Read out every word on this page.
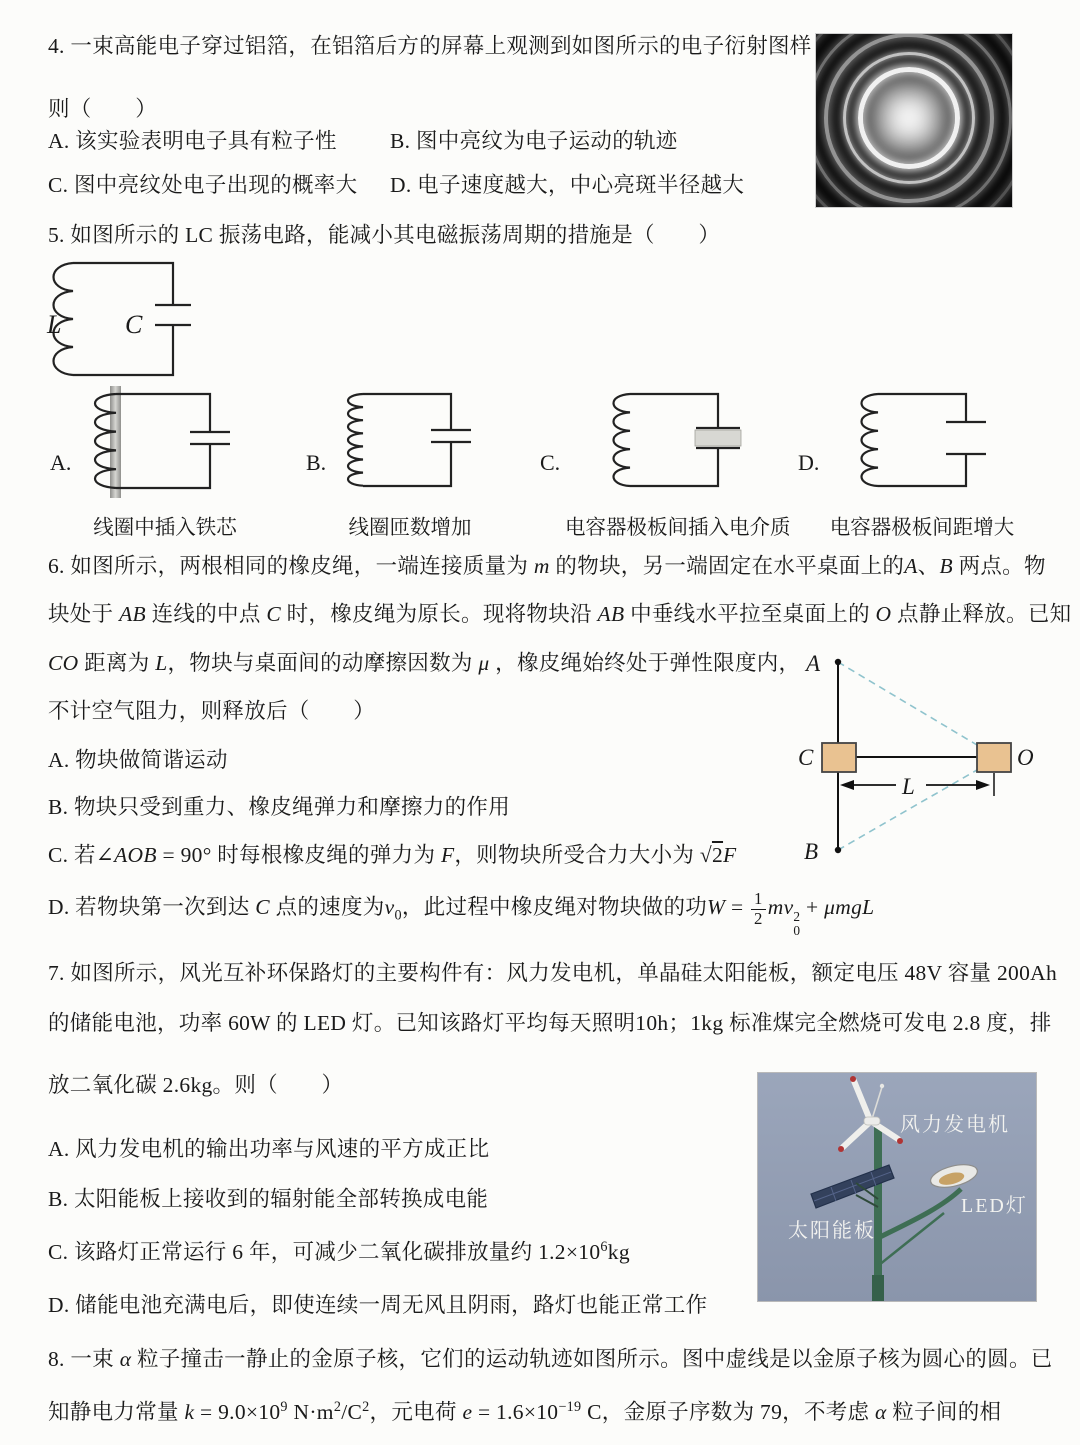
4. 一束高能电子穿过铝箔，在铝箔后方的屏幕上观测到如图所示的电子衍射图样
则（　　）
A. 该实验表明电子具有粒子性 B. 图中亮纹为电子运动的轨迹
C. 图中亮纹处电子出现的概率大 D. 电子速度越大，中心亮斑半径越大
5. 如图所示的 LC 振荡电路，能减小其电磁振荡周期的措施是（　　）
L C
A.
线圈中插入铁芯
B.
线圈匝数增加
C.
电容器极板间插入电介质
D.
电容器极板间距增大
6. 如图所示，两根相同的橡皮绳，一端连接质量为 m 的物块，另一端固定在水平桌面上的A、B 两点。物
块处于 AB 连线的中点 C 时，橡皮绳为原长。现将物块沿 AB 中垂线水平拉至桌面上的 O 点静止释放。已知
CO 距离为 L，物块与桌面间的动摩擦因数为 μ ，橡皮绳始终处于弹性限度内，
不计空气阻力，则释放后（　　）
A. 物块做简谐运动
B. 物块只受到重力、橡皮绳弹力和摩擦力的作用
C. 若∠AOB = 90° 时每根橡皮绳的弹力为 F，则物块所受合力大小为 √2F
D. 若物块第一次到达 C 点的速度为$v_0$，此过程中橡皮绳对物块做的功$W = \frac{1}{2}$ mv 2
0
+ μmgL
A
B
C	O
L
7. 如图所示，风光互补环保路灯的主要构件有：风力发电机，单晶硅太阳能板，额定电压 48V 容量 200Ah
的储能电池，功率 60W 的 LED 灯。已知该路灯平均每天照明10h；1kg 标准煤完全燃烧可发电 2.8 度，排
放二氧化碳 2.6kg。则（　　）
A. 风力发电机的输出功率与风速的平方成正比
B. 太阳能板上接收到的辐射能全部转换成电能
C. 该路灯正常运行 6 年，可减少二氧化碳排放量约 $1.2\times 10^6kg$
D. 储能电池充满电后，即使连续一周无风且阴雨，路灯也能正常工作
风力发电机
LED灯
太阳能板
8. 一束 α 粒子撞击一静止的金原子核，它们的运动轨迹如图所示。图中虚线是以金原子核为圆心的圆。已
知静电力常量 $k = 9.0\times 10^9$ $N\cdot m^2/C^2$，元电荷 $e = 1.6\times 10^{-19}$ C，金原子序数为 79，不考虑 α 粒子间的相
